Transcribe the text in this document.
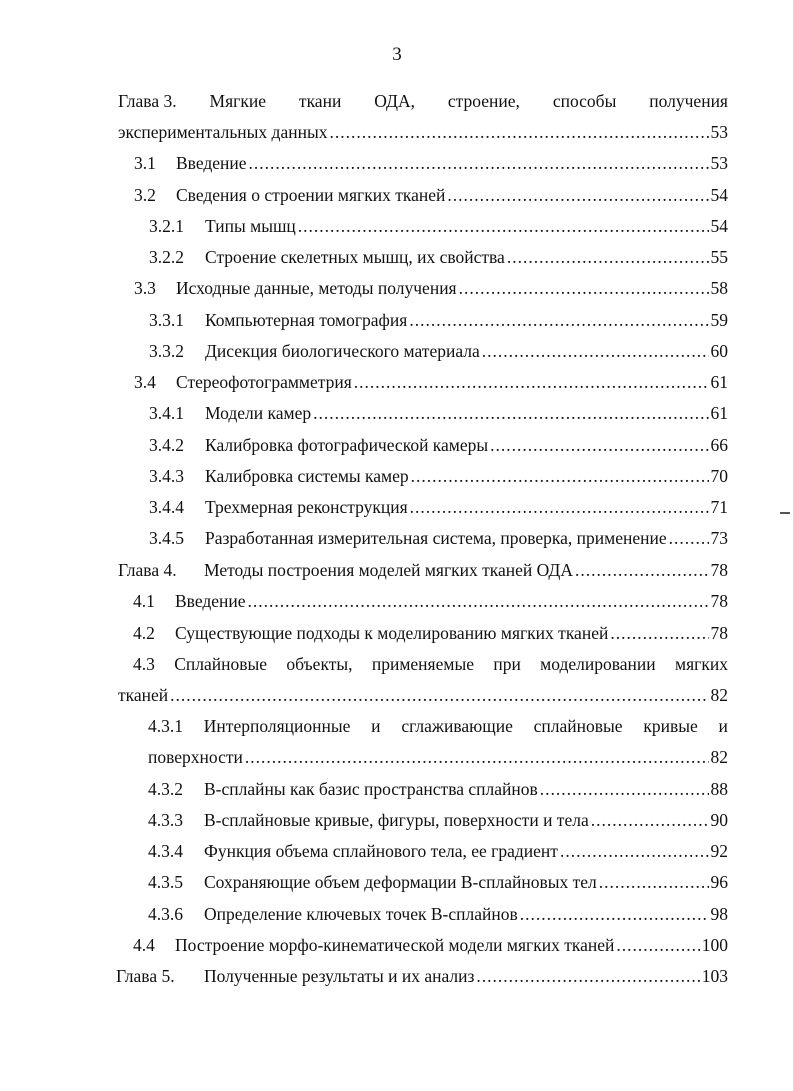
3
Глава 3. Мягкие ткани ОДА, строение, способы получения
экспериментальных данных .....	53
3.1	Введение .....	53
3.2	Сведения о строении мягких тканей .....	54
3.2.1	Типы мышц .....	54
3.2.2	Строение скелетных мышц, их свойства .....	55
3.3	Исходные данные, методы получения .....	58
3.3.1	Компьютерная томография .....	59
3.3.2	Дисекция биологического материала .....	60
3.4	Стереофотограмметрия .....	61
3.4.1	Модели камер .....	61
3.4.2	Калибровка фотографической камеры .....	66
3.4.3	Калибровка системы камер .....	70
3.4.4	Трехмерная реконструкция .....	71
3.4.5	Разработанная измерительная система, проверка, применение .....	73
Глава 4.	Методы построения моделей мягких тканей ОДА .....	78
4.1	Введение .....	78
4.2	Существующие подходы к моделированию мягких тканей .....	78
4.3 Сплайновые объекты, применяемые при моделировании мягких
тканей .....	82
4.3.1 Интерполяционные и сглаживающие сплайновые кривые и
поверхности .....	82
4.3.2	В-сплайны как базис пространства сплайнов .....	88
4.3.3	В-сплайновые кривые, фигуры, поверхности и тела .....	90
4.3.4	Функция объема сплайнового тела, ее градиент .....	92
4.3.5	Сохраняющие объем деформации В-сплайновых тел .....	96
4.3.6	Определение ключевых точек В-сплайнов .....	98
4.4	Построение морфо-кинематической модели мягких тканей .....	100
Глава 5.	Полученные результаты и их анализ .....	103
